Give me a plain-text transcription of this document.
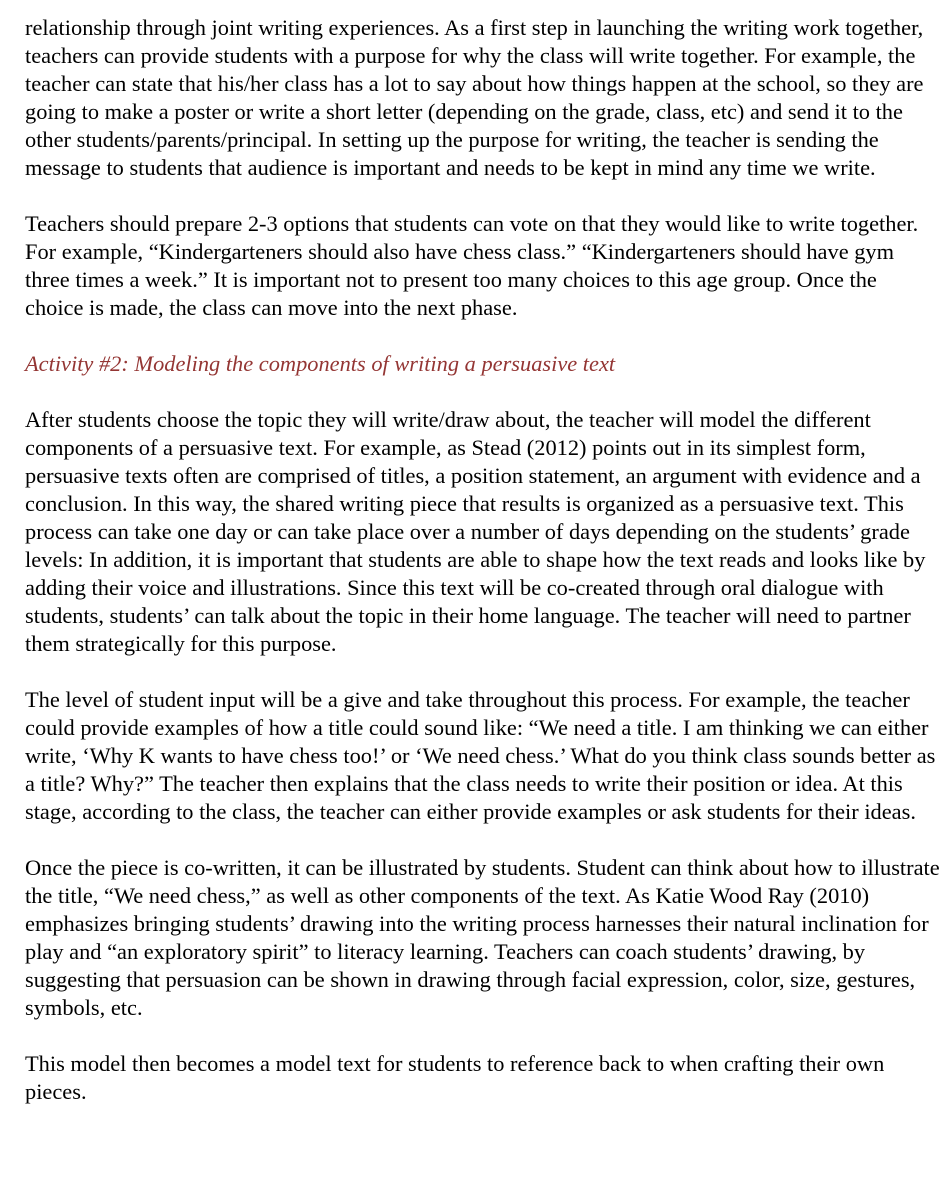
relationship through joint writing experiences. As a first step in launching the writing work together, teachers can provide students with a purpose for why the class will write together. For example, the teacher can state that his/her class has a lot to say about how things happen at the school, so they are going to make a poster or write a short letter (depending on the grade, class, etc) and send it to the other students/parents/principal. In setting up the purpose for writing, the teacher is sending the message to students that audience is important and needs to be kept in mind any time we write.

Teachers should prepare 2-3 options that students can vote on that they would like to write together. For example, “Kindergarteners should also have chess class.” “Kindergarteners should have gym three times a week.” It is important not to present too many choices to this age group. Once the choice is made, the class can move into the next phase.

Activity #2: Modeling the components of writing a persuasive text

After students choose the topic they will write/draw about, the teacher will model the different components of a persuasive text. For example, as Stead (2012) points out in its simplest form, persuasive texts often are comprised of titles, a position statement, an argument with evidence and a conclusion. In this way, the shared writing piece that results is organized as a persuasive text. This process can take one day or can take place over a number of days depending on the students’ grade levels: In addition, it is important that students are able to shape how the text reads and looks like by adding their voice and illustrations. Since this text will be co-created through oral dialogue with students, students’ can talk about the topic in their home language. The teacher will need to partner them strategically for this purpose.

The level of student input will be a give and take throughout this process. For example, the teacher could provide examples of how a title could sound like: “We need a title. I am thinking we can either write, ‘Why K wants to have chess too!’ or ‘We need chess.’ What do you think class sounds better as a title? Why?” The teacher then explains that the class needs to write their position or idea. At this stage, according to the class, the teacher can either provide examples or ask students for their ideas.

Once the piece is co-written, it can be illustrated by students. Student can think about how to illustrate the title, “We need chess,” as well as other components of the text. As Katie Wood Ray (2010) emphasizes bringing students’ drawing into the writing process harnesses their natural inclination for play and “an exploratory spirit” to literacy learning. Teachers can coach students’ drawing, by suggesting that persuasion can be shown in drawing through facial expression, color, size, gestures, symbols, etc.

This model then becomes a model text for students to reference back to when crafting their own pieces.
